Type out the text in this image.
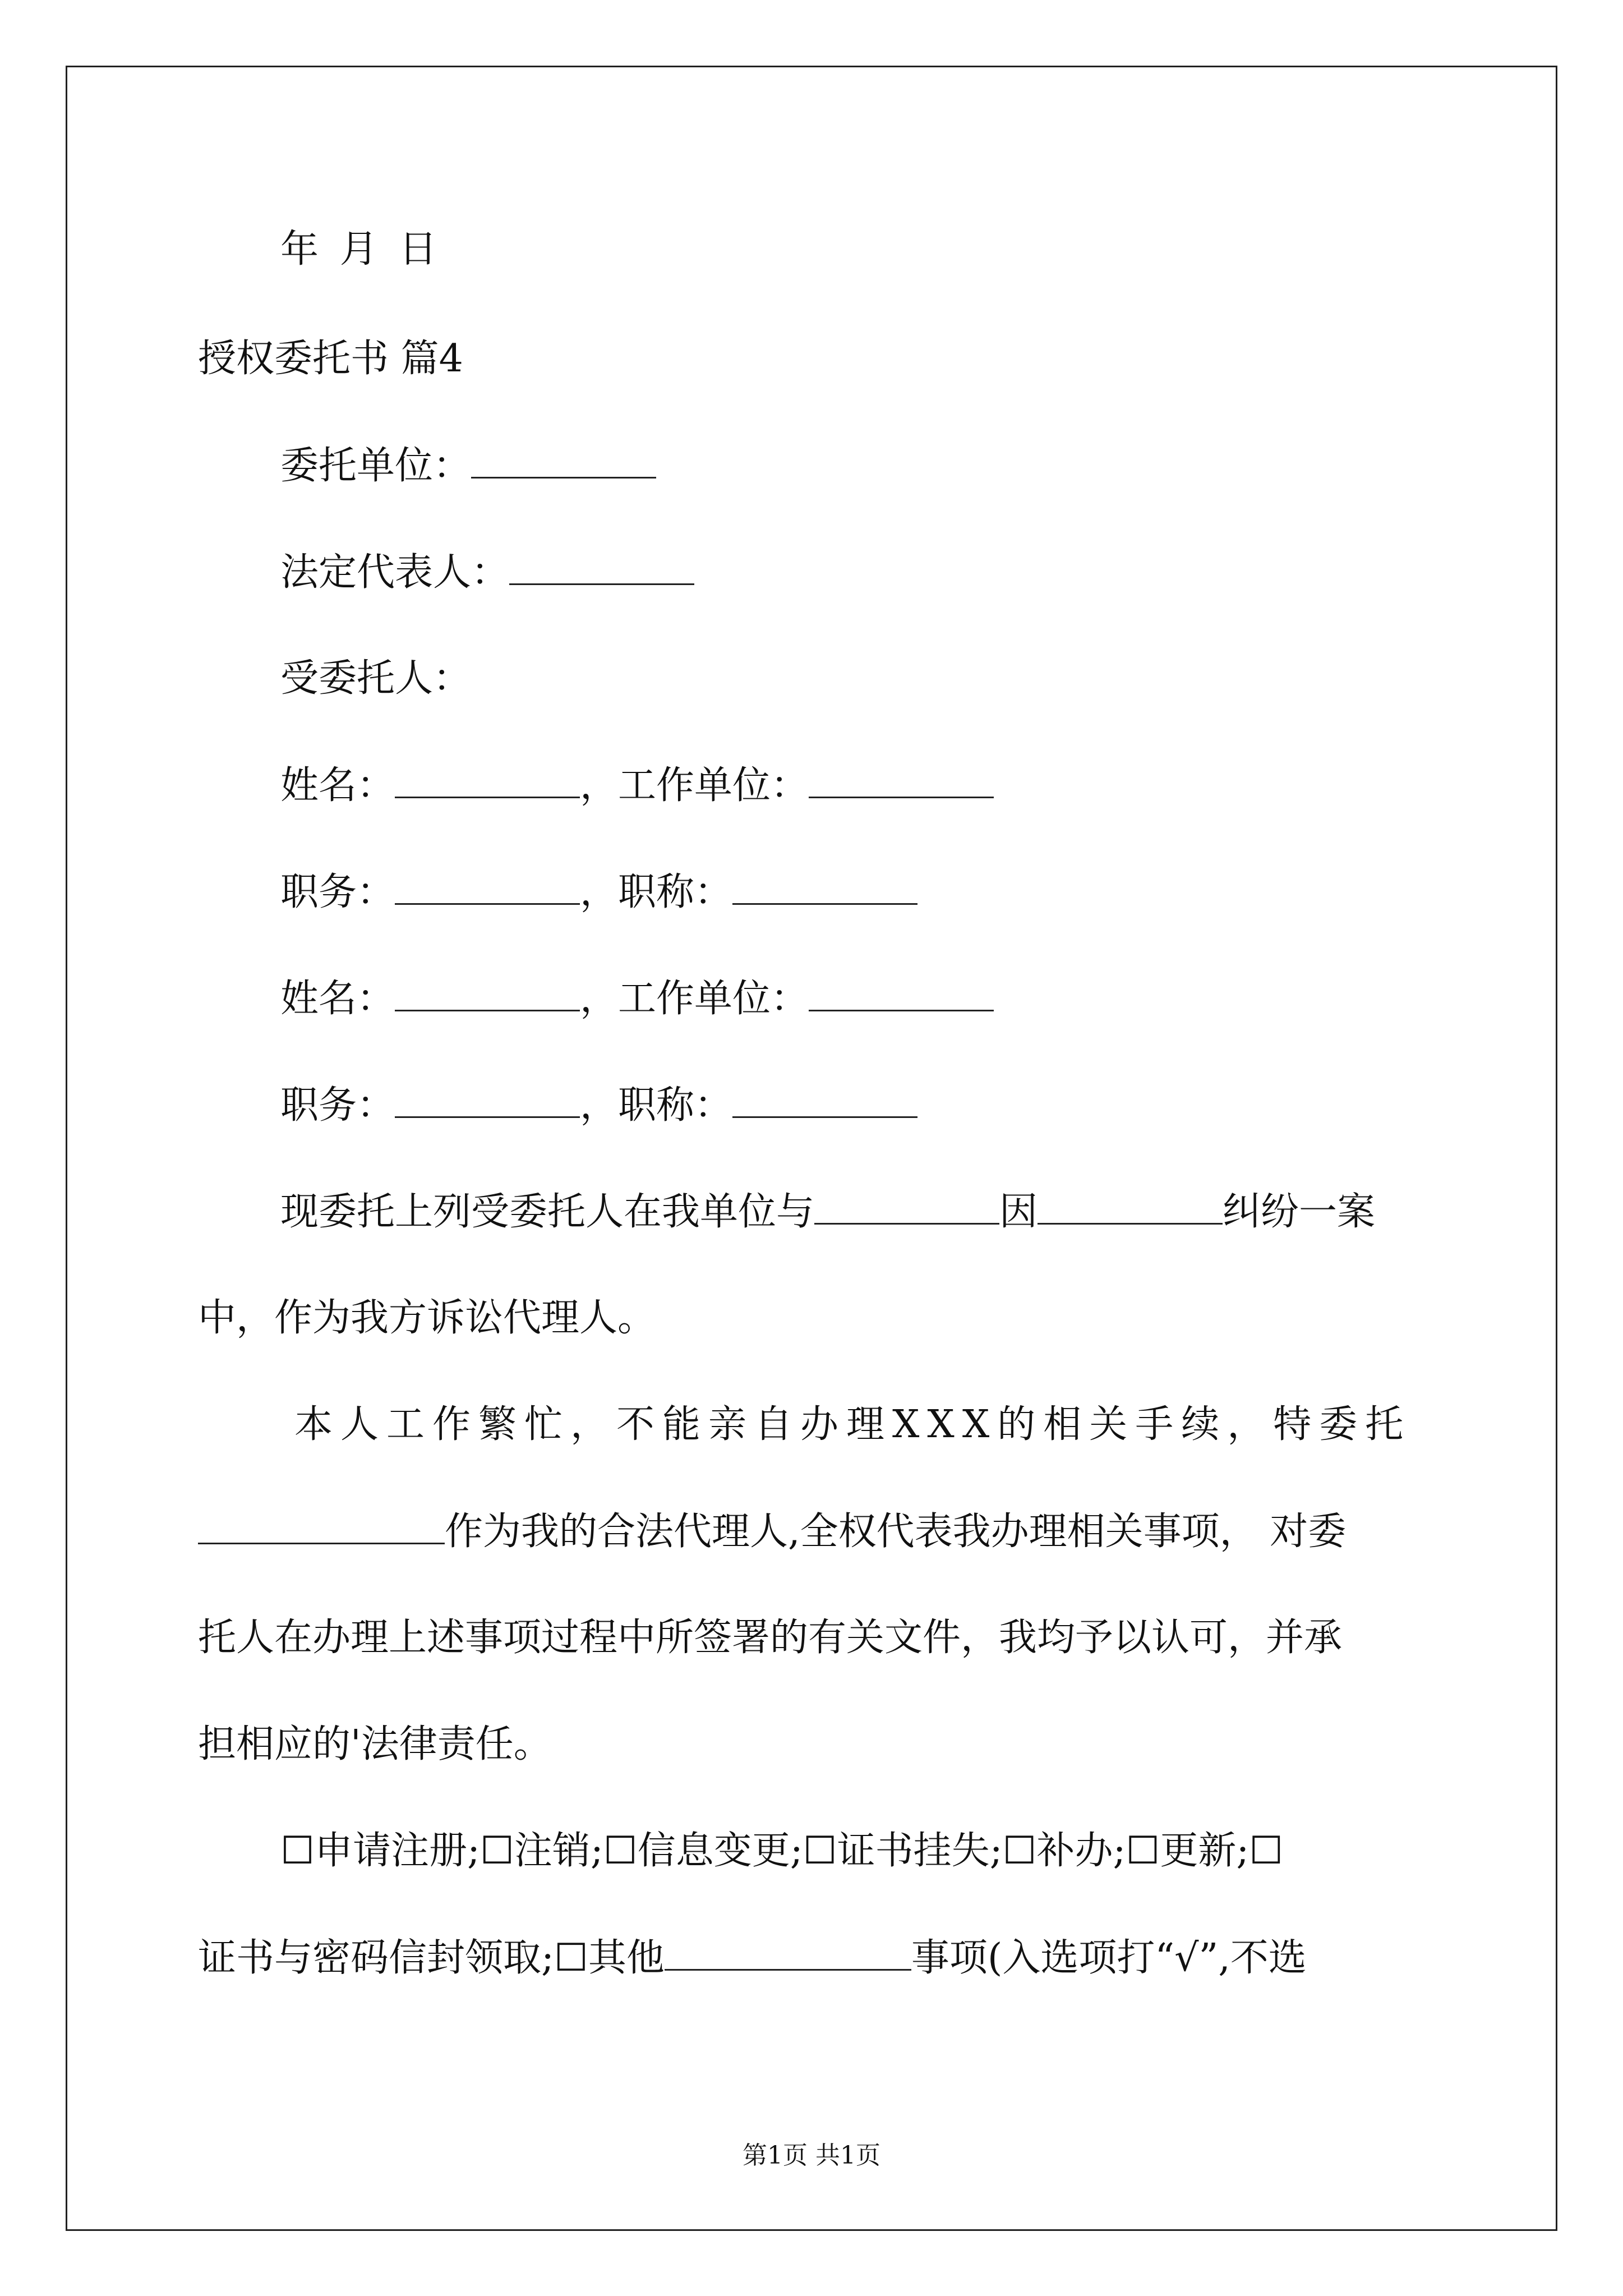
年 月 日
授权委托书 篇4
委托单位：
法定代表人：
受委托人：
姓名：	，工作单位：
职务：	，职称：
姓名：	，工作单位：
职务：	，职称：
现委托上列受委托人在我单位与	因	纠纷一案
中，作为我方诉讼代理人。
本人工作繁忙，不能亲自办理XXX的相关手续，特委托
作为我的合法代理人,全权代表我办理相关事项， 对委
托人在办理上述事项过程中所签署的有关文件，我均予以认可，并承
担相应的'法律责任。
☐申请注册;☐注销;☐信息变更;☐证书挂失;☐补办;☐更新;☐
证书与密码信封领取;☐其他	事项(入选项打“√”,不选
第1页 共1页
